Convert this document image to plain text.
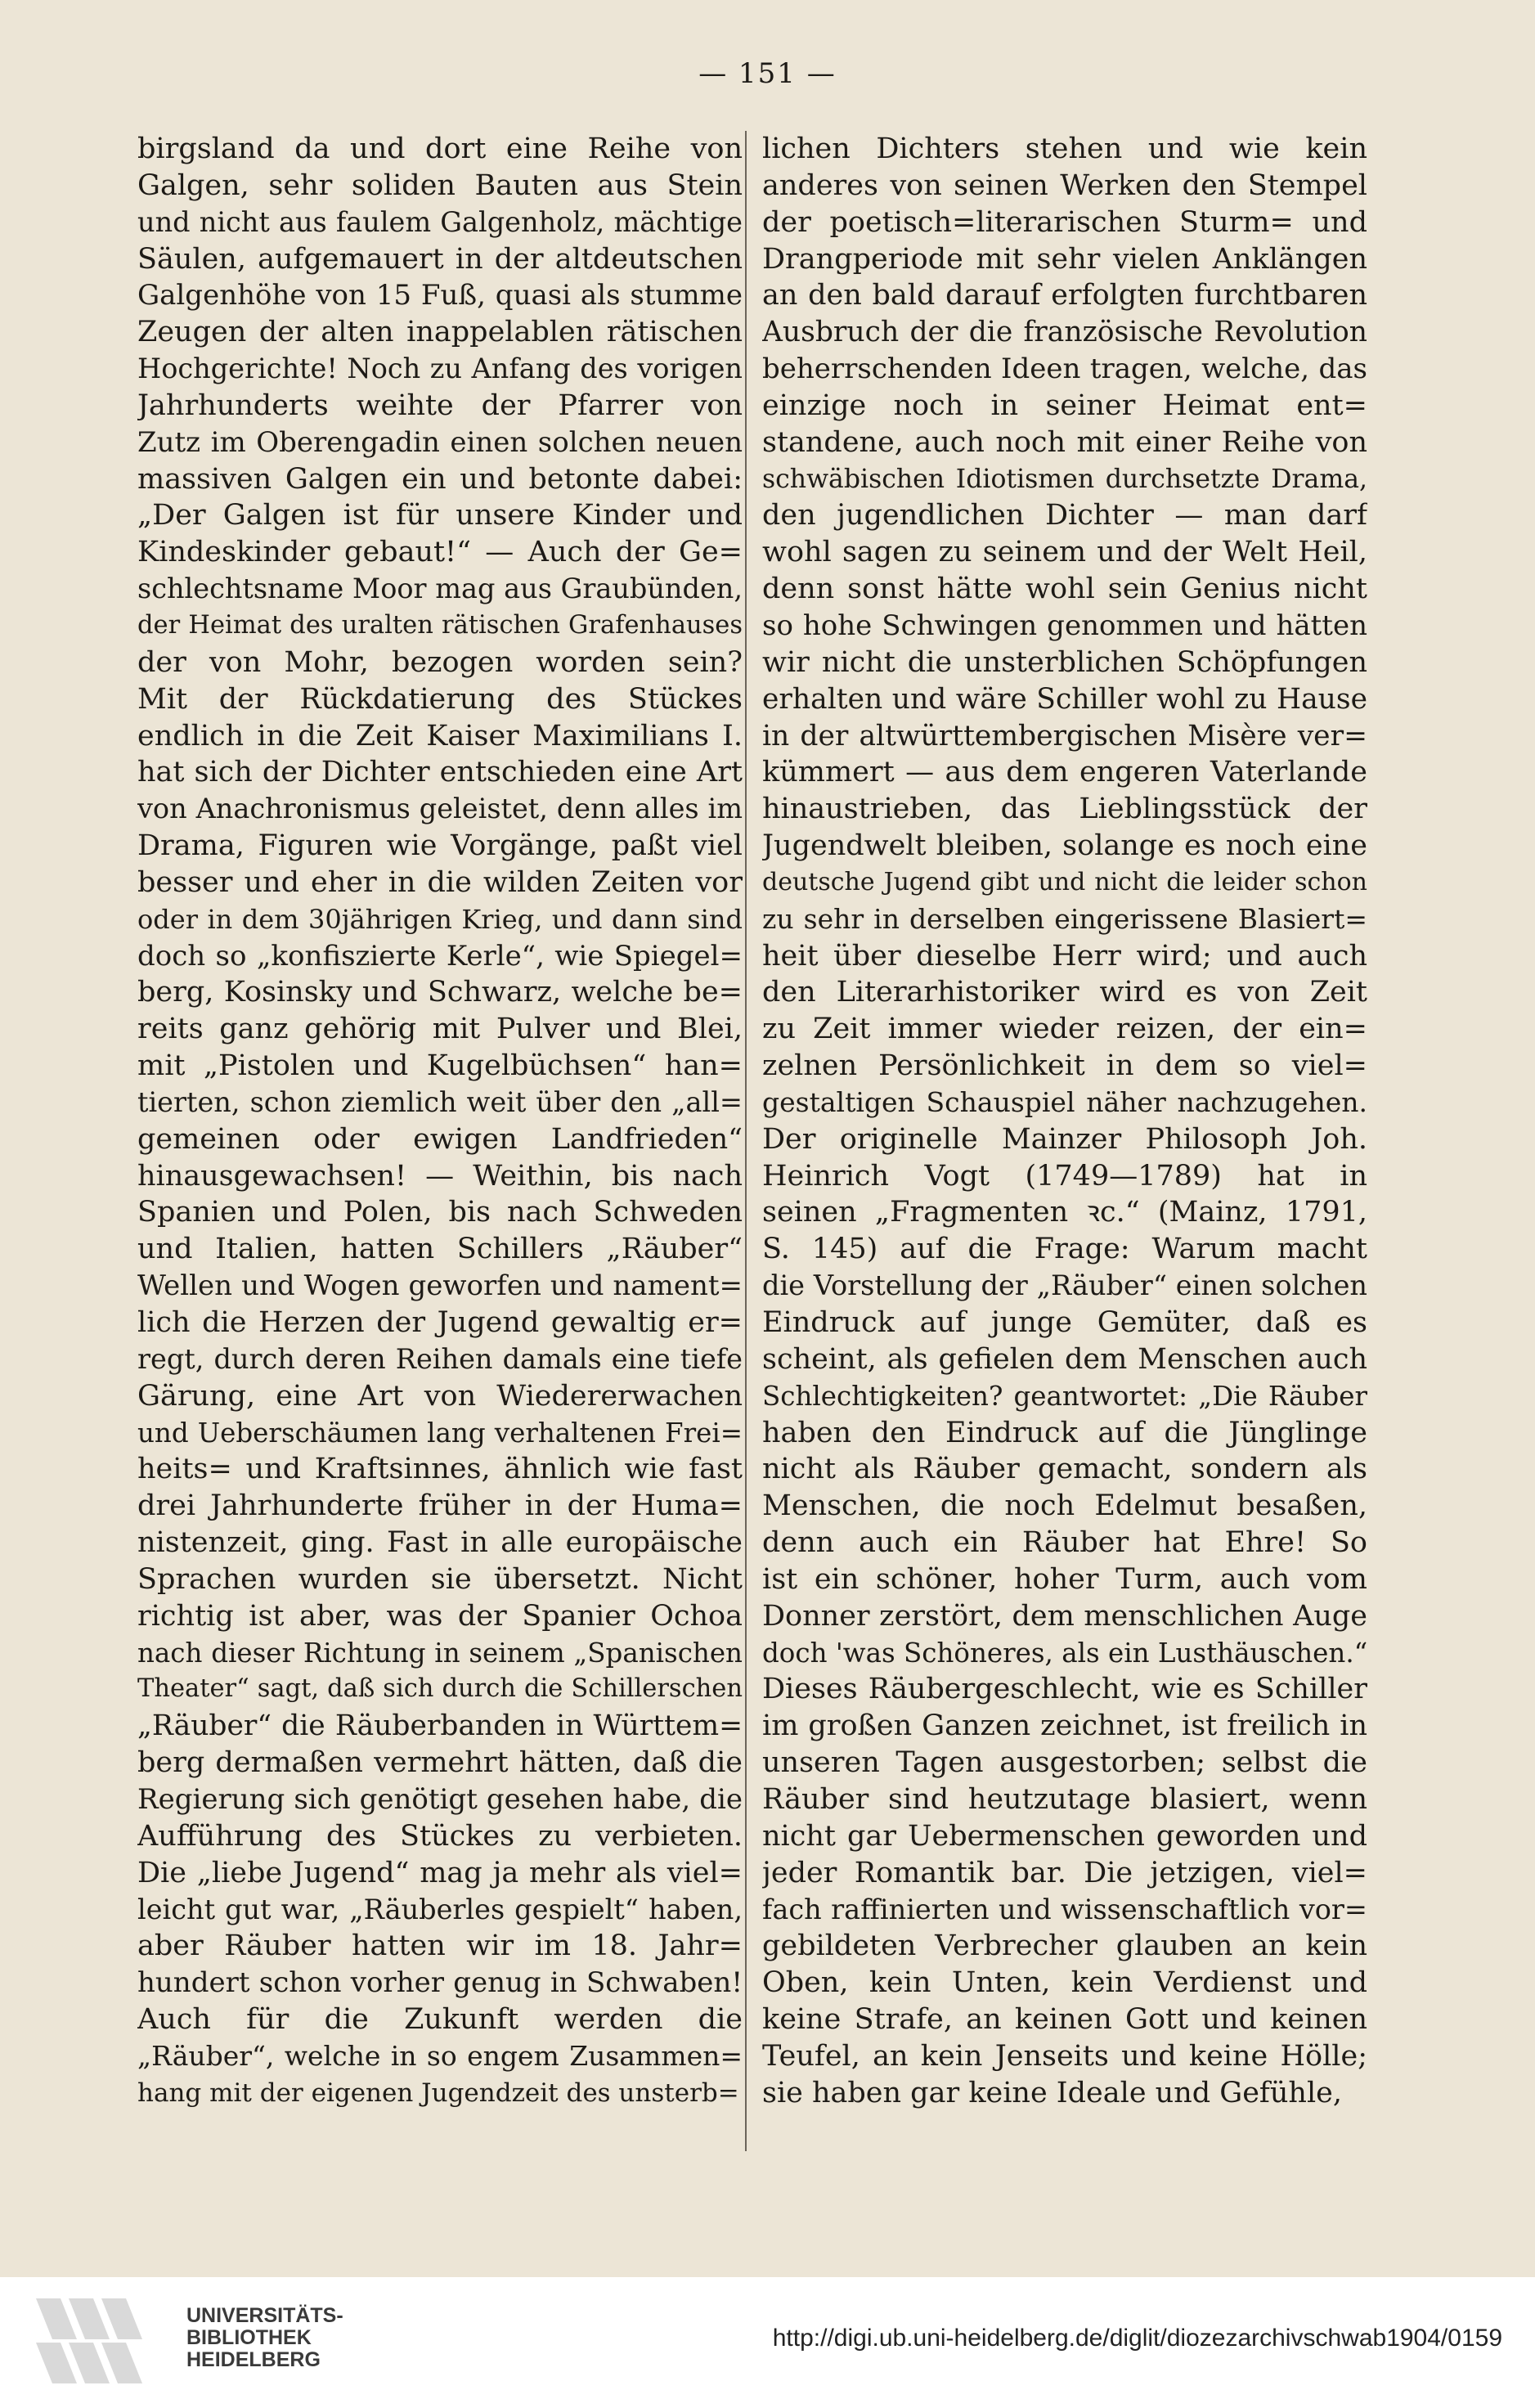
— 151 —
birgsland da und dort eine Reihe von
Galgen, sehr soliden Bauten aus Stein
und nicht aus faulem Galgenholz, mächtige
Säulen, aufgemauert in der altdeutschen
Galgenhöhe von 15 Fuß, quasi als stumme
Zeugen der alten inappelablen rätischen
Hochgerichte! Noch zu Anfang des vorigen
Jahrhunderts weihte der Pfarrer von
Zutz im Oberengadin einen solchen neuen
massiven Galgen ein und betonte dabei:
„Der Galgen ist für unsere Kinder und
Kindeskinder gebaut!“ — Auch der Ge=
schlechtsname Moor mag aus Graubünden,
der Heimat des uralten rätischen Grafenhauses
der von Mohr, bezogen worden sein?
Mit der Rückdatierung des Stückes
endlich in die Zeit Kaiser Maximilians I.
hat sich der Dichter entschieden eine Art
von Anachronismus geleistet, denn alles im
Drama, Figuren wie Vorgänge, paßt viel
besser und eher in die wilden Zeiten vor
oder in dem 30jährigen Krieg, und dann sind
doch so „konfiszierte Kerle“, wie Spiegel=
berg, Kosinsky und Schwarz, welche be=
reits ganz gehörig mit Pulver und Blei,
mit „Pistolen und Kugelbüchsen“ han=
tierten, schon ziemlich weit über den „all=
gemeinen oder ewigen Landfrieden“
hinausgewachsen! — Weithin, bis nach
Spanien und Polen, bis nach Schweden
und Italien, hatten Schillers „Räuber“
Wellen und Wogen geworfen und nament=
lich die Herzen der Jugend gewaltig er=
regt, durch deren Reihen damals eine tiefe
Gärung, eine Art von Wiedererwachen
und Ueberschäumen lang verhaltenen Frei=
heits= und Kraftsinnes, ähnlich wie fast
drei Jahrhunderte früher in der Huma=
nistenzeit, ging. Fast in alle europäische
Sprachen wurden sie übersetzt. Nicht
richtig ist aber, was der Spanier Ochoa
nach dieser Richtung in seinem „Spanischen
Theater“ sagt, daß sich durch die Schillerschen
„Räuber“ die Räuberbanden in Württem=
berg dermaßen vermehrt hätten, daß die
Regierung sich genötigt gesehen habe, die
Aufführung des Stückes zu verbieten.
Die „liebe Jugend“ mag ja mehr als viel=
leicht gut war, „Räuberles gespielt“ haben,
aber Räuber hatten wir im 18. Jahr=
hundert schon vorher genug in Schwaben!
Auch für die Zukunft werden die
„Räuber“, welche in so engem Zusammen=
hang mit der eigenen Jugendzeit des unsterb=
lichen Dichters stehen und wie kein
anderes von seinen Werken den Stempel
der poetisch=literarischen Sturm= und
Drangperiode mit sehr vielen Anklängen
an den bald darauf erfolgten furchtbaren
Ausbruch der die französische Revolution
beherrschenden Ideen tragen, welche, das
einzige noch in seiner Heimat ent=
standene, auch noch mit einer Reihe von
schwäbischen Idiotismen durchsetzte Drama,
den jugendlichen Dichter — man darf
wohl sagen zu seinem und der Welt Heil,
denn sonst hätte wohl sein Genius nicht
so hohe Schwingen genommen und hätten
wir nicht die unsterblichen Schöpfungen
erhalten und wäre Schiller wohl zu Hause
in der altwürttembergischen Misère ver=
kümmert — aus dem engeren Vaterlande
hinaustrieben, das Lieblingsstück der
Jugendwelt bleiben, solange es noch eine
deutsche Jugend gibt und nicht die leider schon
zu sehr in derselben eingerissene Blasiert=
heit über dieselbe Herr wird; und auch
den Literarhistoriker wird es von Zeit
zu Zeit immer wieder reizen, der ein=
zelnen Persönlichkeit in dem so viel=
gestaltigen Schauspiel näher nachzugehen.
Der originelle Mainzer Philosoph Joh.
Heinrich Vogt (1749—1789) hat in
seinen „Fragmenten ꝛc.“ (Mainz, 1791,
S. 145) auf die Frage: Warum macht
die Vorstellung der „Räuber“ einen solchen
Eindruck auf junge Gemüter, daß es
scheint, als gefielen dem Menschen auch
Schlechtigkeiten? geantwortet: „Die Räuber
haben den Eindruck auf die Jünglinge
nicht als Räuber gemacht, sondern als
Menschen, die noch Edelmut besaßen,
denn auch ein Räuber hat Ehre! So
ist ein schöner, hoher Turm, auch vom
Donner zerstört, dem menschlichen Auge
doch 'was Schöneres, als ein Lusthäuschen.“
Dieses Räubergeschlecht, wie es Schiller
im großen Ganzen zeichnet, ist freilich in
unseren Tagen ausgestorben; selbst die
Räuber sind heutzutage blasiert, wenn
nicht gar Uebermenschen geworden und
jeder Romantik bar. Die jetzigen, viel=
fach raffinierten und wissenschaftlich vor=
gebildeten Verbrecher glauben an kein
Oben, kein Unten, kein Verdienst und
keine Strafe, an keinen Gott und keinen
Teufel, an kein Jenseits und keine Hölle;
sie haben gar keine Ideale und Gefühle,
UNIVERSITÄTS-
BIBLIOTHEK
HEIDELBERG
http://digi.ub.uni-heidelberg.de/diglit/diozezarchivschwab1904/0159
